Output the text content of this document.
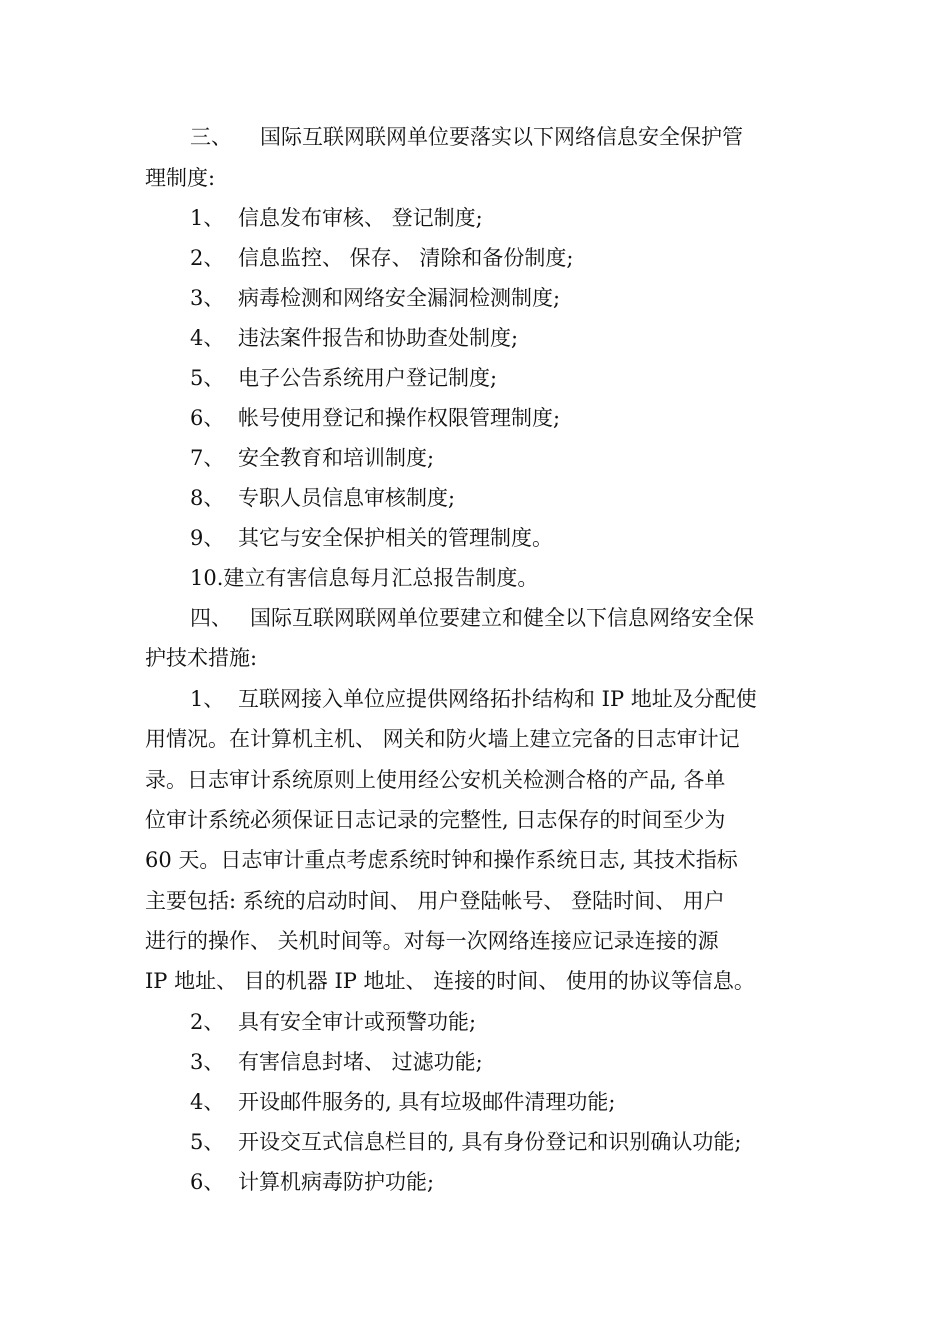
三、 国际互联网联网单位要落实以下网络信息安全保护管
理制度:
1、 信息发布审核、 登记制度;
2、 信息监控、 保存、 清除和备份制度;
3、 病毒检测和网络安全漏洞检测制度;
4、 违法案件报告和协助查处制度;
5、 电子公告系统用户登记制度;
6、 帐号使用登记和操作权限管理制度;
7、 安全教育和培训制度;
8、 专职人员信息审核制度;
9、 其它与安全保护相关的管理制度。
10.建立有害信息每月汇总报告制度。
四、 国际互联网联网单位要建立和健全以下信息网络安全保
护技术措施:
1、 互联网接入单位应提供网络拓扑结构和 IP 地址及分配使
用情况。在计算机主机、 网关和防火墙上建立完备的日志审计记
录。日志审计系统原则上使用经公安机关检测合格的产品, 各单
位审计系统必须保证日志记录的完整性, 日志保存的时间至少为
60 天。日志审计重点考虑系统时钟和操作系统日志, 其技术指标
主要包括: 系统的启动时间、 用户登陆帐号、 登陆时间、 用户
进行的操作、 关机时间等。对每一次网络连接应记录连接的源
IP 地址、 目的机器 IP 地址、 连接的时间、 使用的协议等信息。
2、 具有安全审计或预警功能;
3、 有害信息封堵、 过滤功能;
4、 开设邮件服务的, 具有垃圾邮件清理功能;
5、 开设交互式信息栏目的, 具有身份登记和识别确认功能;
6、 计算机病毒防护功能;
